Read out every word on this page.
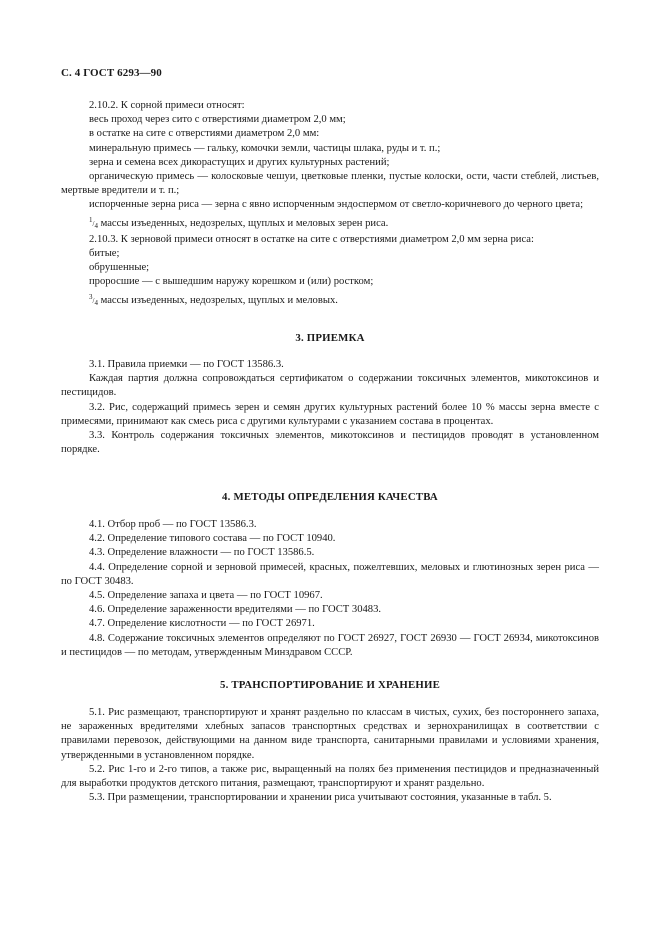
С. 4 ГОСТ 6293—90

2.10.2. К сорной примеси относят:

весь проход через сито с отверстиями диаметром 2,0 мм;

в остатке на сите с отверстиями диаметром 2,0 мм:

минеральную примесь — гальку, комочки земли, частицы шлака, руды и т. п.;

зерна и семена всех дикорастущих и других культурных растений;

органическую примесь — колосковые чешуи, цветковые пленки, пустые колоски, ости, части стеблей, листьев, мертвые вредители и т. п.;

испорченные зерна риса — зерна с явно испорченным эндоспермом от светло-коричневого до черного цвета;

1/4 массы изъеденных, недозрелых, щуплых и меловых зерен риса.

2.10.3. К зерновой примеси относят в остатке на сите с отверстиями диаметром 2,0 мм зерна риса:

битые;

обрушенные;

проросшие — с вышедшим наружу корешком и (или) ростком;

3/4 массы изъеденных, недозрелых, щуплых и меловых.

3. ПРИЕМКА

3.1. Правила приемки — по ГОСТ 13586.3.

Каждая партия должна сопровождаться сертификатом о содержании токсичных элементов, микотоксинов и пестицидов.

3.2. Рис, содержащий примесь зерен и семян других культурных растений более 10 % массы зерна вместе с примесями, принимают как смесь риса с другими культурами с указанием состава в процентах.

3.3. Контроль содержания токсичных элементов, микотоксинов и пестицидов проводят в установленном порядке.

4. МЕТОДЫ ОПРЕДЕЛЕНИЯ КАЧЕСТВА

4.1. Отбор проб — по ГОСТ 13586.3.

4.2. Определение типового состава — по ГОСТ 10940.

4.3. Определение влажности — по ГОСТ 13586.5.

4.4. Определение сорной и зерновой примесей, красных, пожелтевших, меловых и глютинозных зерен риса — по ГОСТ 30483.

4.5. Определение запаха и цвета — по ГОСТ 10967.

4.6. Определение зараженности вредителями — по ГОСТ 30483.

4.7. Определение кислотности — по ГОСТ 26971.

4.8. Содержание токсичных элементов определяют по ГОСТ 26927, ГОСТ 26930 — ГОСТ 26934, микотоксинов и пестицидов — по методам, утвержденным Минздравом СССР.

5. ТРАНСПОРТИРОВАНИЕ И ХРАНЕНИЕ

5.1. Рис размещают, транспортируют и хранят раздельно по классам в чистых, сухих, без постороннего запаха, не зараженных вредителями хлебных запасов транспортных средствах и зернохранилищах в соответствии с правилами перевозок, действующими на данном виде транспорта, санитарными правилами и условиями хранения, утвержденными в установленном порядке.

5.2. Рис 1-го и 2-го типов, а также рис, выращенный на полях без применения пестицидов и предназначенный для выработки продуктов детского питания, размещают, транспортируют и хранят раздельно.

5.3. При размещении, транспортировании и хранении риса учитывают состояния, указанные в табл. 5.
